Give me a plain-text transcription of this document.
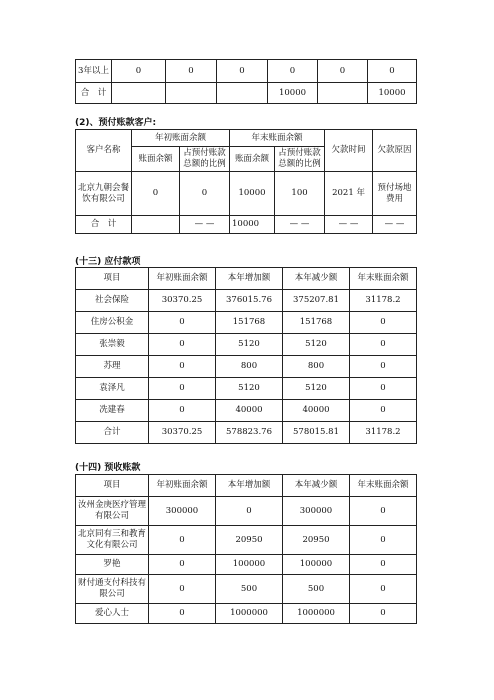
3年以上	0	0	0	0	0	0
合　计				10000		10000
(2)、预付账款客户:
客户名称	年初账面余额		年末账面余额		欠款时间	欠款原因
	账面余额	占预付账款总额的比例	账面余额	占预付账款总额的比例		
北京九朝会餐饮有限公司	0	0	10000	100	2021 年	预付场地费用
合　计		— —	10000	— —	— —	— —
(十三) 应付款项
项目	年初账面余额	本年增加额	本年减少额	年末账面余额
社会保险	30370.25	376015.76	375207.81	31178.2
住房公积金	0	151768	151768	0
张崇毅	0	5120	5120	0
苏理	0	800	800	0
袁泽凡	0	5120	5120	0
冼建春	0	40000	40000	0
合计	30370.25	578823.76	578015.81	31178.2
(十四) 预收账款
项目	年初账面余额	本年增加额	本年减少额	年末账面余额
汝州金庚医疗管理有限公司	300000	0	300000	0
北京同有三和教育文化有限公司	0	20950	20950	0
罗艳	0	100000	100000	0
财付通支付科技有限公司	0	500	500	0
爱心人士	0	1000000	1000000	0
